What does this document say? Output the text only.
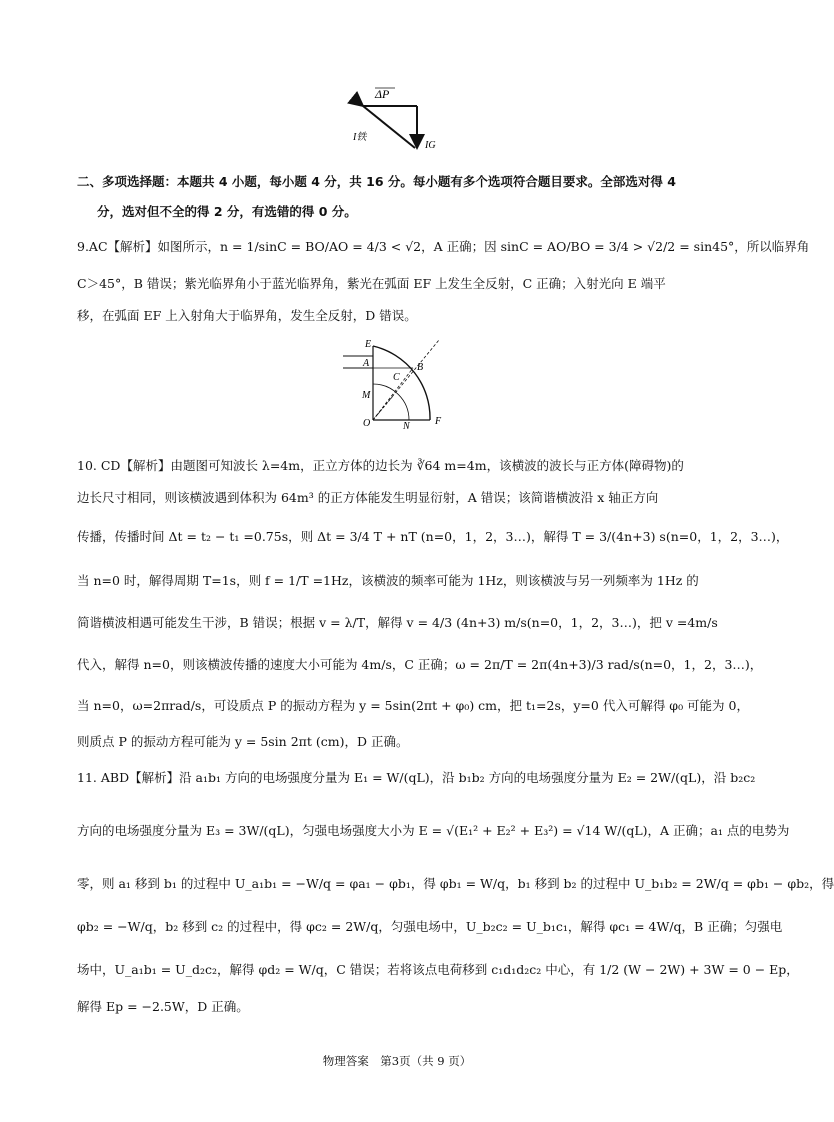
ΔP
I铁
IG
二、多项选择题：本题共 4 小题，每小题 4 分，共 16 分。每小题有多个选项符合题目要求。全部选对得 4
分，选对但不全的得 2 分，有选错的得 0 分。
9.AC【解析】如图所示，n = 1/sinC = BO/AO = 4/3 < √2，A 正确；因 sinC = AO/BO = 3/4 > √2/2 = sin45°，所以临界角
C＞45°，B 错误；紫光临界角小于蓝光临界角，紫光在弧面 EF 上发生全反射，C 正确；入射光向 E 端平
移，在弧面 EF 上入射角大于临界角，发生全反射，D 错误。
E
A
C
B
M
O	N	F
10. CD【解析】由题图可知波长 λ=4m，正立方体的边长为 ∛64 m=4m，该横波的波长与正方体(障碍物)的
边长尺寸相同，则该横波遇到体积为 64m³ 的正方体能发生明显衍射，A 错误；该简谐横波沿 x 轴正方向
传播，传播时间 Δt = t₂ − t₁ =0.75s，则 Δt = 3/4 T + nT (n=0，1，2，3…)，解得 T = 3/(4n+3) s(n=0，1，2，3…)，
当 n=0 时，解得周期 T=1s，则 f = 1/T =1Hz，该横波的频率可能为 1Hz，则该横波与另一列频率为 1Hz 的
简谐横波相遇可能发生干涉，B 错误；根据 v = λ/T，解得 v = 4/3 (4n+3) m/s(n=0，1，2，3…)，把 v =4m/s
代入，解得 n=0，则该横波传播的速度大小可能为 4m/s，C 正确；ω = 2π/T = 2π(4n+3)/3 rad/s(n=0，1，2，3…)，
当 n=0，ω=2πrad/s，可设质点 P 的振动方程为 y = 5sin(2πt + φ₀) cm，把 t₁=2s，y=0 代入可解得 φ₀ 可能为 0，
则质点 P 的振动方程可能为 y = 5sin 2πt (cm)，D 正确。
11. ABD【解析】沿 a₁b₁ 方向的电场强度分量为 E₁ = W/(qL)，沿 b₁b₂ 方向的电场强度分量为 E₂ = 2W/(qL)，沿 b₂c₂
方向的电场强度分量为 E₃ = 3W/(qL)，匀强电场强度大小为 E = √(E₁² + E₂² + E₃²) = √14 W/(qL)，A 正确；a₁ 点的电势为
零，则 a₁ 移到 b₁ 的过程中 U_a₁b₁ = −W/q = φa₁ − φb₁，得 φb₁ = W/q，b₁ 移到 b₂ 的过程中 U_b₁b₂ = 2W/q = φb₁ − φb₂，得
φb₂ = −W/q，b₂ 移到 c₂ 的过程中，得 φc₂ = 2W/q，匀强电场中，U_b₂c₂ = U_b₁c₁，解得 φc₁ = 4W/q，B 正确；匀强电
场中，U_a₁b₁ = U_d₂c₂，解得 φd₂ = W/q，C 错误；若将该点电荷移到 c₁d₁d₂c₂ 中心，有 1/2 (W − 2W) + 3W = 0 − Ep，
解得 Ep = −2.5W，D 正确。
物理答案　第3页（共 9 页）
